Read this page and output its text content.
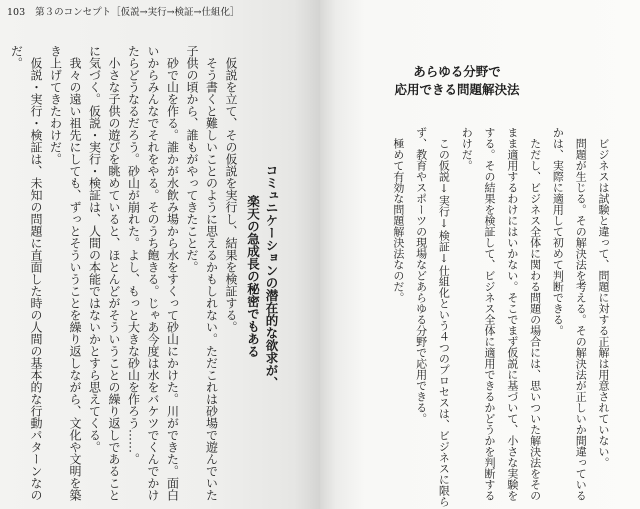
103 第３のコンセプト［仮説→実行→検証→仕組化］
コミュニケーションの潜在的な欲求が、
楽天の急成長の秘密でもある
仮説を立て、その仮説を実行し、結果を検証する。
そう書くと難しいことのように思えるかもしれない。ただこれは砂場で遊んでいた
子供の頃から、誰もがやってきたことだ。
砂で山を作る。誰かが水飲み場から水をすくって砂山にかけた。川ができた。面白
いからみんなでそれをやる。そのうち飽きる。じゃあ今度は水をバケツでくんでかけ
たらどうなるだろう。砂山が崩れた。よし、もっと大きな砂山を作ろう……。
小さな子供の遊びを眺めていると、ほとんどがそういうことの繰り返しであること
に気づく。仮説・実行・検証は、人間の本能ではないかとすら思えてくる。
我々の遠い祖先にしても、ずっとそういうことを繰り返しながら、文化や文明を築
き上げてきたわけだ。
仮説・実行・検証は、未知の問題に直面した時の人間の基本的な行動パターンなの
だ。
あらゆる分野で
応用できる問題解決法
ビジネスは試験と違って、問題に対する正解は用意されていない。
問題が生じる。その解決法を考える。その解決法が正しいか間違っている
かは、実際に適用して初めて判断できる。
ただし、ビジネス全体に関わる問題の場合には、思いついた解決法をその
まま適用するわけにはいかない。そこでまず仮説に基づいて、小さな実験を
する。その結果を検証して、ビジネス全体に適用できるかどうかを判断する
わけだ。
この仮説↓実行↓検証↓仕組化という４つのプロセスは、ビジネスに限ら
ず、教育やスポーツの現場などあらゆる分野で応用できる。
極めて有効な問題解決法なのだ。
